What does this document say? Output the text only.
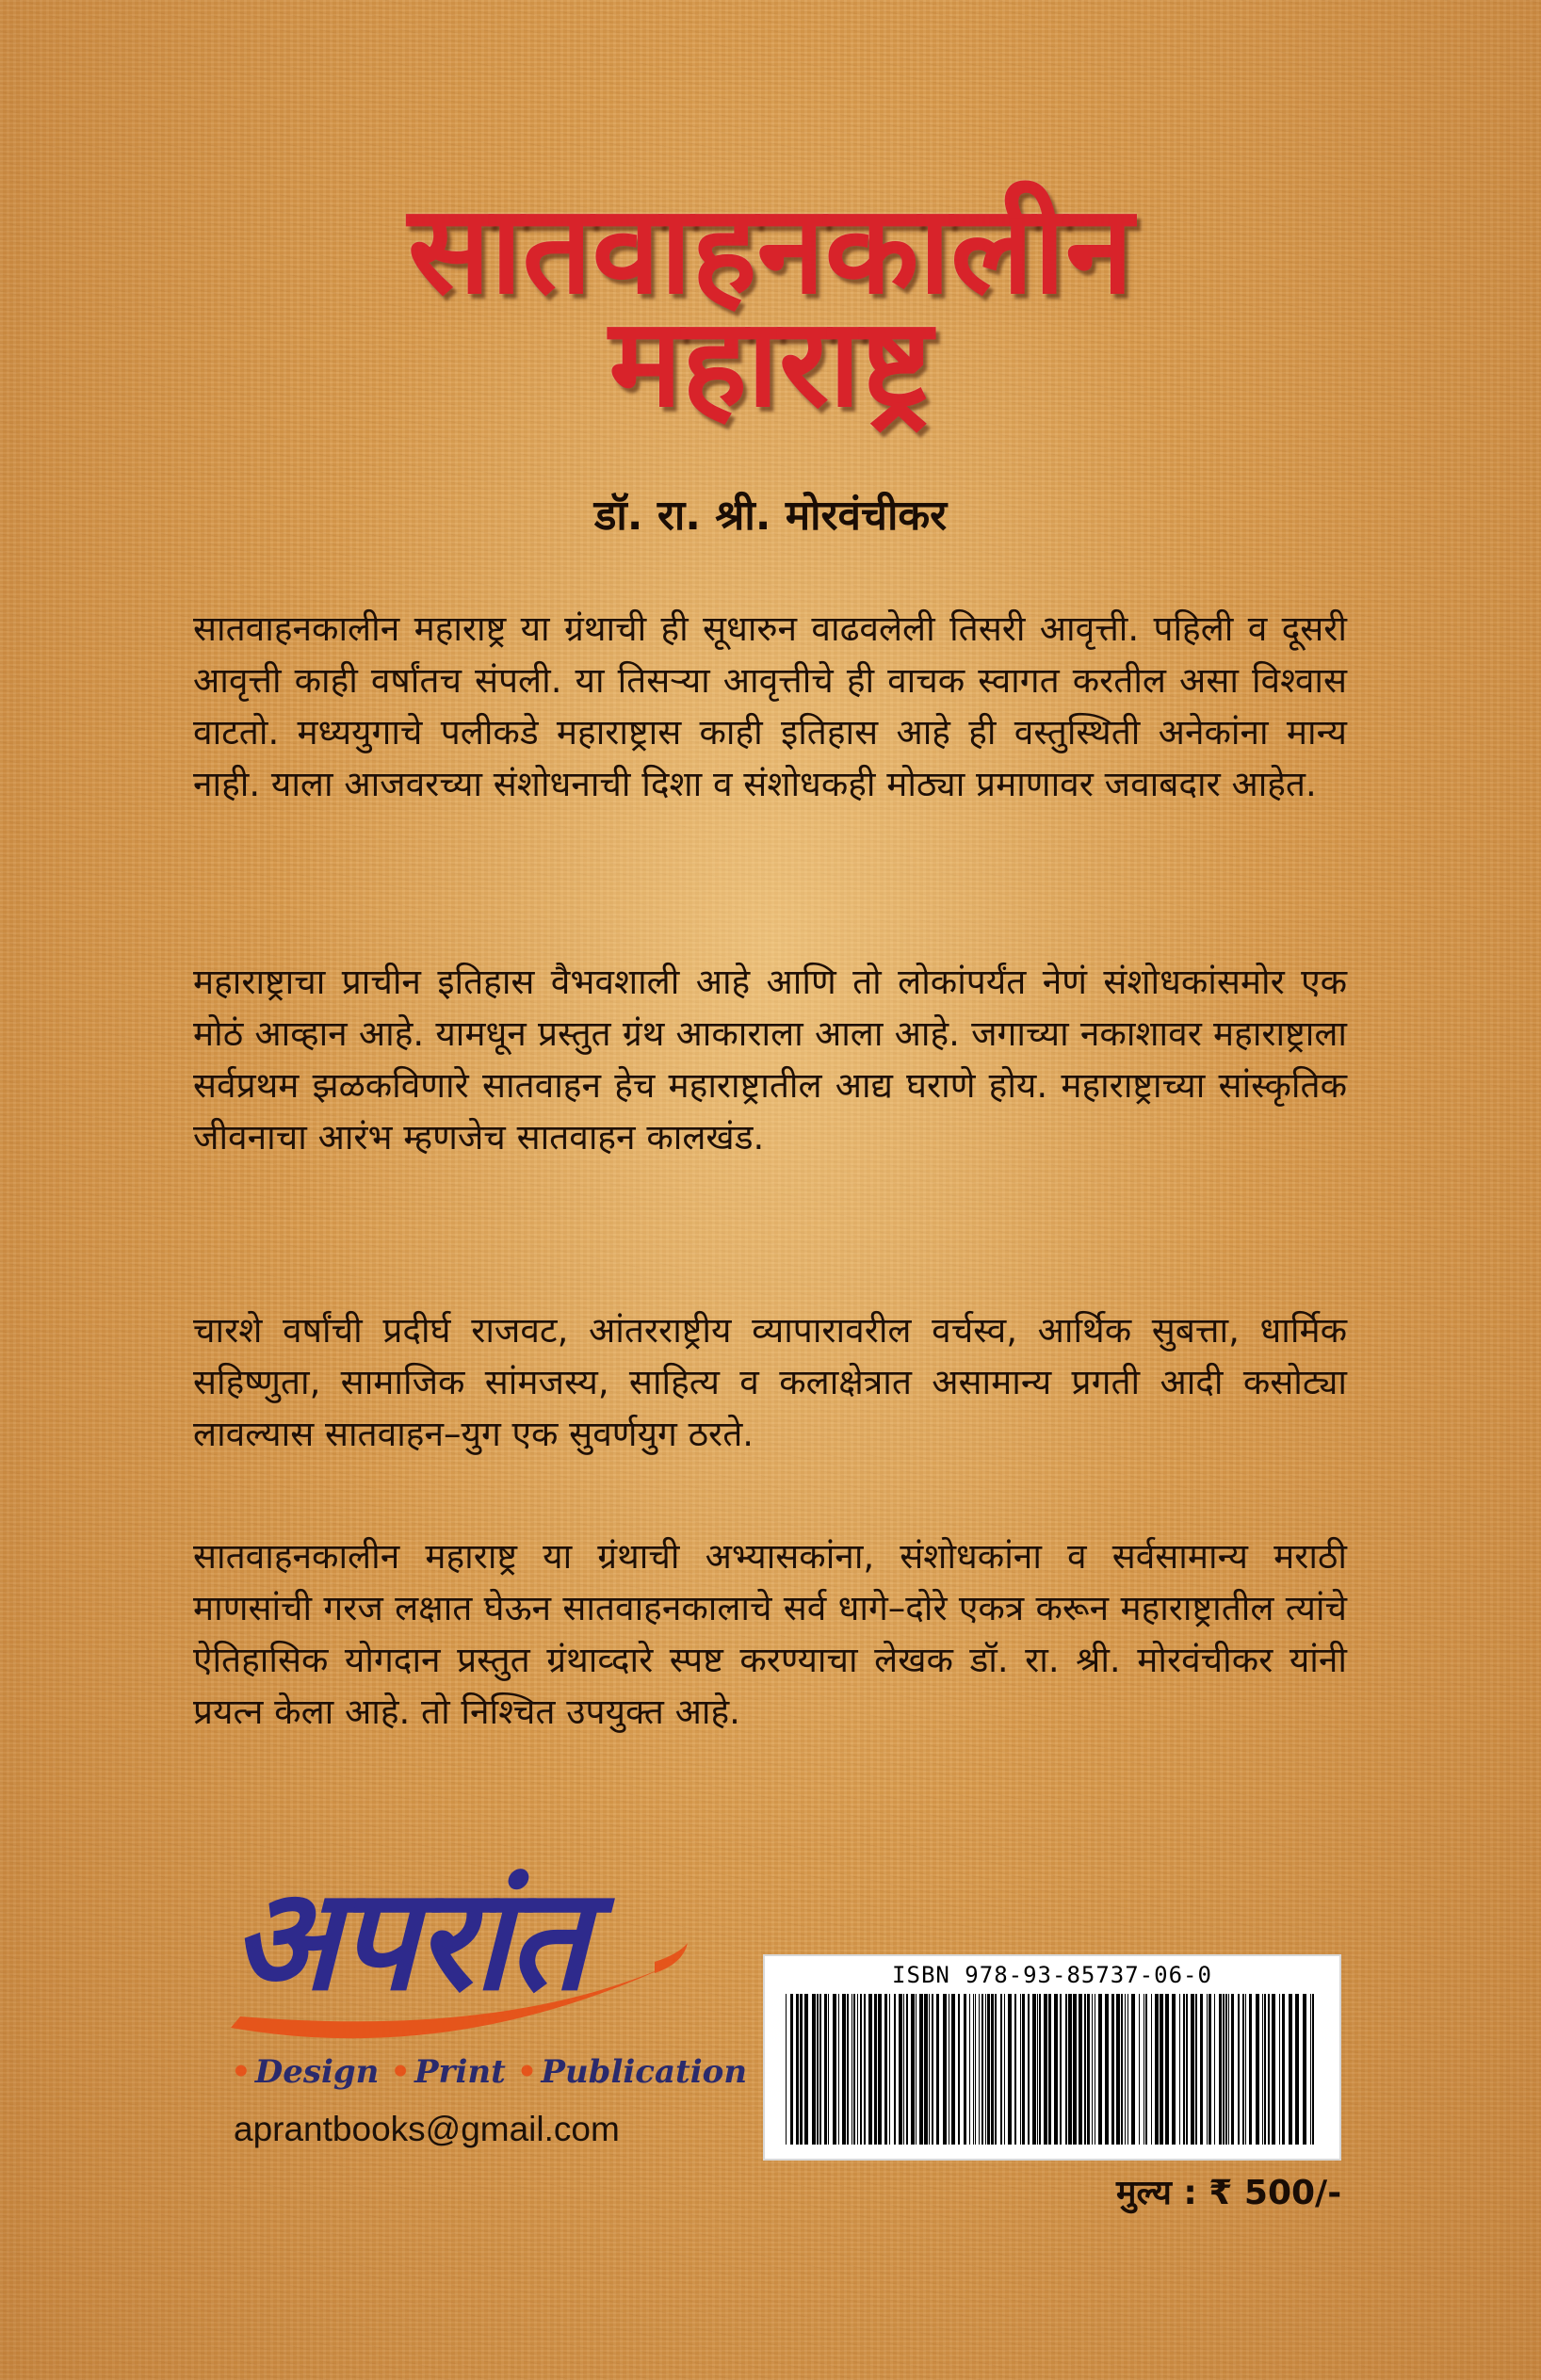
सातवाहनकालीन
महाराष्ट्र
डॉ. रा. श्री. मोरवंचीकर

सातवाहनकालीन महाराष्ट्र या ग्रंथाची ही सूधारुन वाढवलेली तिसरी आवृत्ती. पहिली व दूसरी आवृत्ती काही वर्षांतच संपली. या तिसऱ्या आवृत्तीचे ही वाचक स्वागत करतील असा विश्वास वाटतो. मध्ययुगाचे पलीकडे महाराष्ट्रास काही इतिहास आहे ही वस्तुस्थिती अनेकांना मान्य नाही. याला आजवरच्या संशोधनाची दिशा व संशोधकही मोठ्या प्रमाणावर जवाबदार आहेत.

महाराष्ट्राचा प्राचीन इतिहास वैभवशाली आहे आणि तो लोकांपर्यंत नेणं संशोधकांसमोर एक मोठं आव्हान आहे. यामधून प्रस्तुत ग्रंथ आकाराला आला आहे. जगाच्या नकाशावर महाराष्ट्राला सर्वप्रथम झळकविणारे सातवाहन हेच महाराष्ट्रातील आद्य घराणे होय. महाराष्ट्राच्या सांस्कृतिक जीवनाचा आरंभ म्हणजेच सातवाहन कालखंड.

चारशे वर्षांची प्रदीर्घ राजवट, आंतरराष्ट्रीय व्यापारावरील वर्चस्व, आर्थिक सुबत्ता, धार्मिक सहिष्णुता, सामाजिक सांमजस्य, साहित्य व कलाक्षेत्रात असामान्य प्रगती आदी कसोट्या लावल्यास सातवाहन–युग एक सुवर्णयुग ठरते.

सातवाहनकालीन महाराष्ट्र या ग्रंथाची अभ्यासकांना, संशोधकांना व सर्वसामान्य मराठी माणसांची गरज लक्षात घेऊन सातवाहनकालाचे सर्व धागे–दोरे एकत्र करून महाराष्ट्रातील त्यांचे ऐतिहासिक योगदान प्रस्तुत ग्रंथाव्दारे स्पष्ट करण्याचा लेखक डॉ. रा. श्री. मोरवंचीकर यांनी प्रयत्न केला आहे. तो निश्चित उपयुक्त आहे.

अपरांत
• Design • Print • Publication
aprantbooks@gmail.com
ISBN 978-93-85737-06-0
मुल्य : ₹ 500/-
